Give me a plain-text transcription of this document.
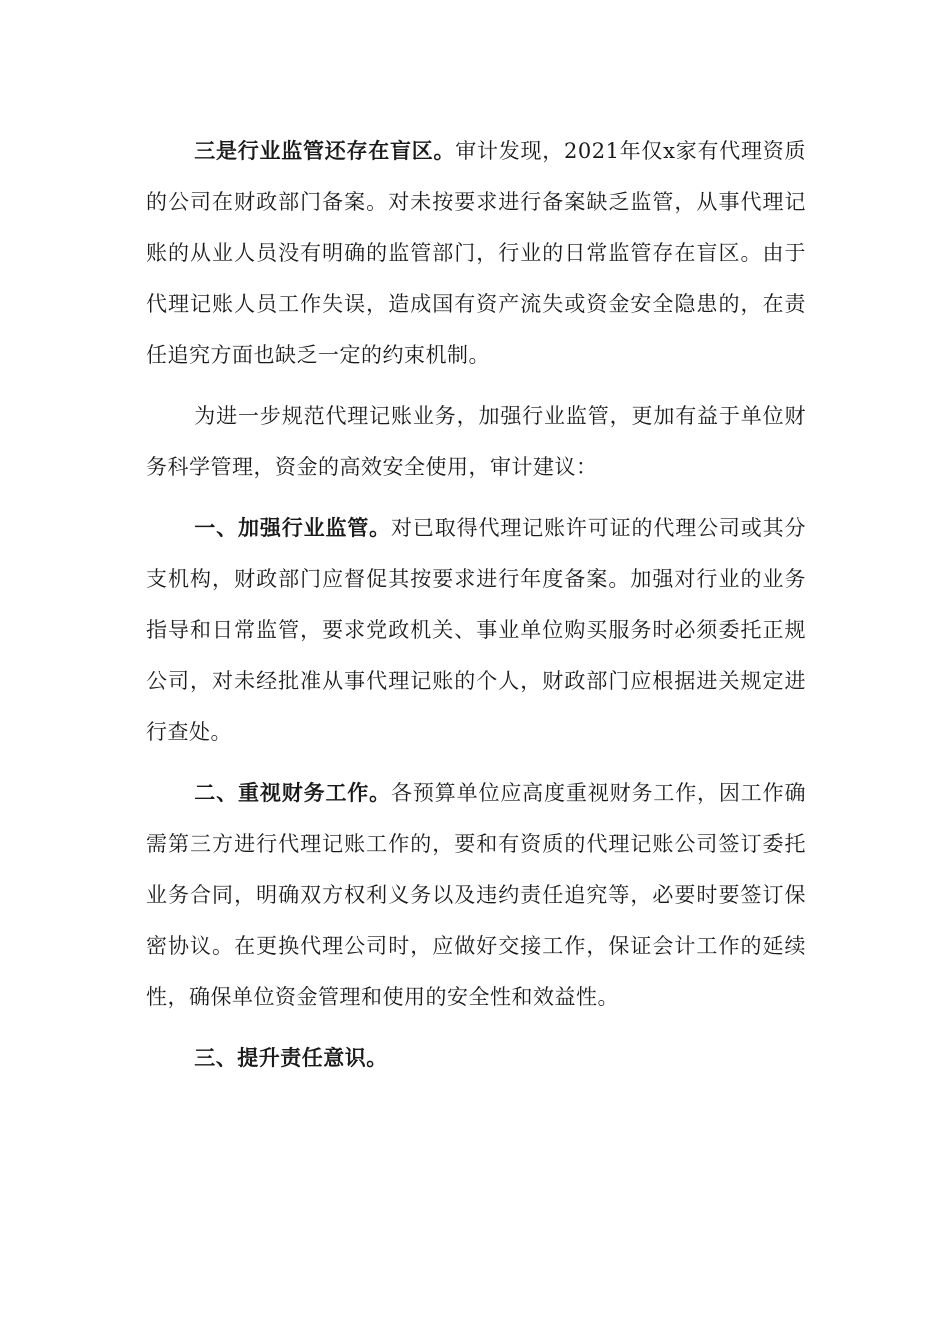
三是行业监管还存在盲区。审计发现，2021年仅x家有代理资质的公司在财政部门备案。对未按要求进行备案缺乏监管，从事代理记账的从业人员没有明确的监管部门，行业的日常监管存在盲区。由于代理记账人员工作失误，造成国有资产流失或资金安全隐患的，在责任追究方面也缺乏一定的约束机制。

为进一步规范代理记账业务，加强行业监管，更加有益于单位财务科学管理，资金的高效安全使用，审计建议：

一、加强行业监管。对已取得代理记账许可证的代理公司或其分支机构，财政部门应督促其按要求进行年度备案。加强对行业的业务指导和日常监管，要求党政机关、事业单位购买服务时必须委托正规公司，对未经批准从事代理记账的个人，财政部门应根据进关规定进行查处。

二、重视财务工作。各预算单位应高度重视财务工作，因工作确需第三方进行代理记账工作的，要和有资质的代理记账公司签订委托业务合同，明确双方权利义务以及违约责任追究等，必要时要签订保密协议。在更换代理公司时，应做好交接工作，保证会计工作的延续性，确保单位资金管理和使用的安全性和效益性。

三、提升责任意识。
